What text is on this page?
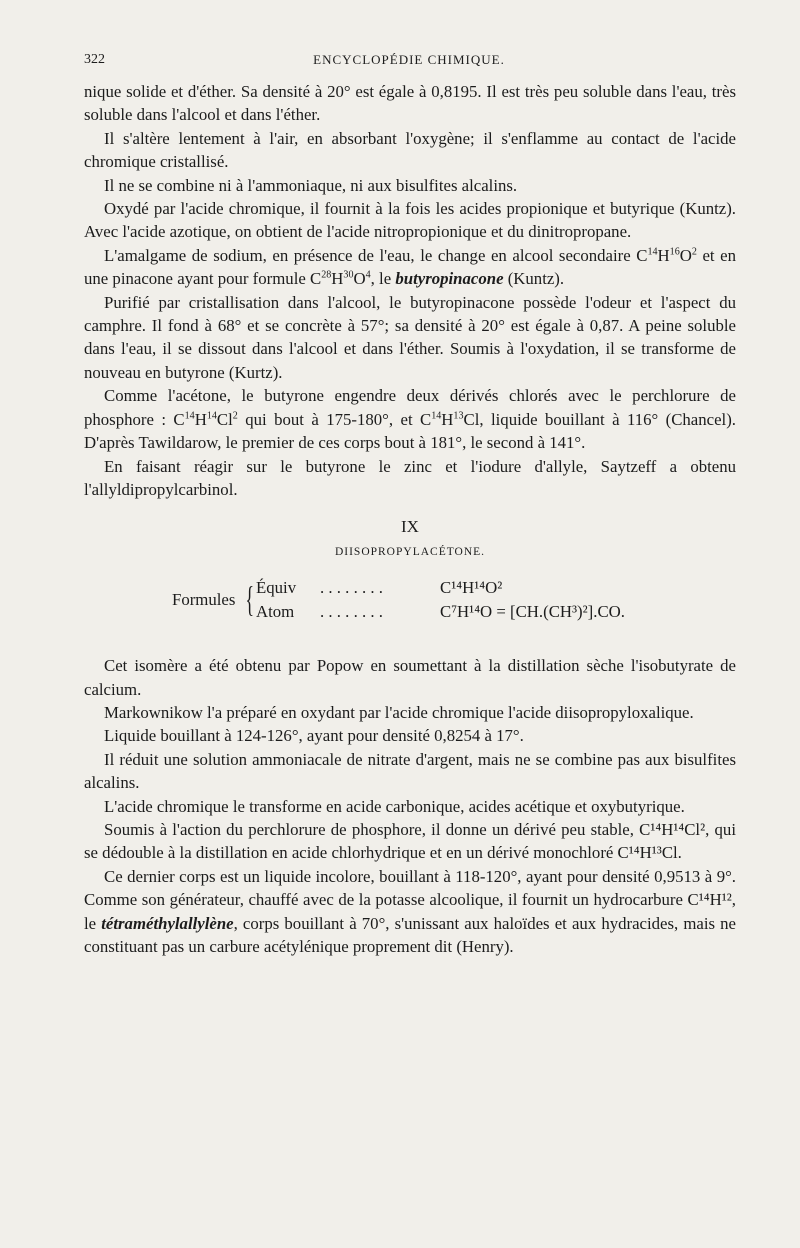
322	ENCYCLOPÉDIE CHIMIQUE.

nique solide et d'éther. Sa densité à 20° est égale à 0,8195. Il est très peu soluble dans l'eau, très soluble dans l'alcool et dans l'éther.

Il s'altère lentement à l'air, en absorbant l'oxygène; il s'enflamme au contact de l'acide chromique cristallisé.

Il ne se combine ni à l'ammoniaque, ni aux bisulfites alcalins.

Oxydé par l'acide chromique, il fournit à la fois les acides propionique et butyrique (Kuntz). Avec l'acide azotique, on obtient de l'acide nitropropionique et du dinitropropane.

L'amalgame de sodium, en présence de l'eau, le change en alcool secondaire $C^{14}H^{16}O^2$ et en une pinacone ayant pour formule $C^{28}H^{30}O^4$, le butyropinacone (Kuntz).

Purifié par cristallisation dans l'alcool, le butyropinacone possède l'odeur et l'aspect du camphre. Il fond à 68° et se concrète à 57°; sa densité à 20° est égale à 0,87. A peine soluble dans l'eau, il se dissout dans l'alcool et dans l'éther. Soumis à l'oxydation, il se transforme de nouveau en butyrone (Kurtz).

Comme l'acétone, le butyrone engendre deux dérivés chlorés avec le perchlorure de phosphore : $C^{14}H^{14}Cl^2$ qui bout à 175-180°, et $C^{14}H^{13}Cl$, liquide bouillant à 116° (Chancel). D'après Tawildarow, le premier de ces corps bout à 181°, le second à 141°.

En faisant réagir sur le butyrone le zinc et l'iodure d'allyle, Saytzeff a obtenu l'allyldipropylcarbinol.

IX
DIISOPROPYLACÉTONE.
Formules { Équiv . . . . . . . .	C¹⁴H¹⁴O²
Atom . . . . . . . .	C⁷H¹⁴O = [CH.(CH³)²].CO.

Cet isomère a été obtenu par Popow en soumettant à la distillation sèche l'isobutyrate de calcium.

Markownikow l'a préparé en oxydant par l'acide chromique l'acide diisopropyloxalique.

Liquide bouillant à 124-126°, ayant pour densité 0,8254 à 17°.

Il réduit une solution ammoniacale de nitrate d'argent, mais ne se combine pas aux bisulfites alcalins.

L'acide chromique le transforme en acide carbonique, acides acétique et oxybutyrique.

Soumis à l'action du perchlorure de phosphore, il donne un dérivé peu stable, C¹⁴H¹⁴Cl², qui se dédouble à la distillation en acide chlorhydrique et en un dérivé monochloré C¹⁴H¹³Cl.

Ce dernier corps est un liquide incolore, bouillant à 118-120°, ayant pour densité 0,9513 à 9°. Comme son générateur, chauffé avec de la potasse alcoolique, il fournit un hydrocarbure C¹⁴H¹², le tétraméthylallylène, corps bouillant à 70°, s'unissant aux haloïdes et aux hydracides, mais ne constituant pas un carbure acétylénique proprement dit (Henry).
